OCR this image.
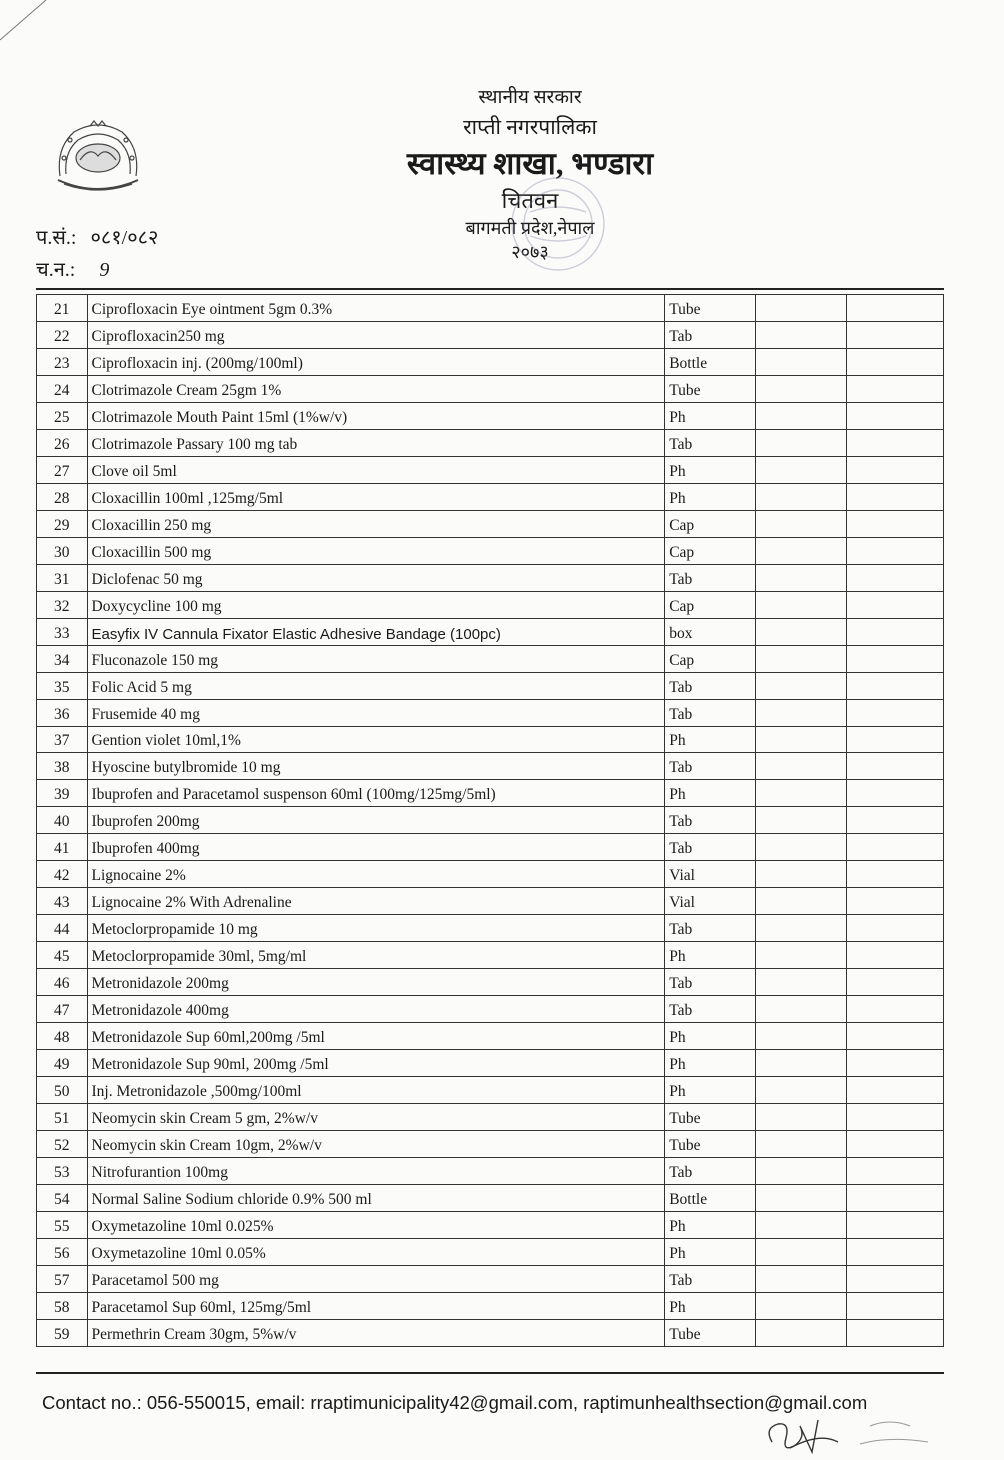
स्थानीय सरकार
राप्ती नगरपालिका
स्वास्थ्य शाखा, भण्डारा
चितवन
बागमती प्रदेश,नेपाल
२०७३
प.सं.: ०८१/०८२
च.न.:	9
21	Ciprofloxacin Eye ointment 5gm 0.3%	Tube		
22	Ciprofloxacin250 mg	Tab		
23	Ciprofloxacin inj. (200mg/100ml)	Bottle		
24	Clotrimazole Cream 25gm 1%	Tube		
25	Clotrimazole Mouth Paint 15ml (1%w/v)	Ph		
26	Clotrimazole Passary 100 mg tab	Tab		
27	Clove oil 5ml	Ph		
28	Cloxacillin 100ml ,125mg/5ml	Ph		
29	Cloxacillin 250 mg	Cap		
30	Cloxacillin 500 mg	Cap		
31	Diclofenac 50 mg	Tab		
32	Doxycycline 100 mg	Cap		
33	Easyfix IV Cannula Fixator Elastic Adhesive Bandage (100pc)	box		
34	Fluconazole 150 mg	Cap		
35	Folic Acid 5 mg	Tab		
36	Frusemide 40 mg	Tab		
37	Gention violet 10ml,1%	Ph		
38	Hyoscine butylbromide 10 mg	Tab		
39	Ibuprofen and Paracetamol suspenson 60ml (100mg/125mg/5ml)	Ph		
40	Ibuprofen 200mg	Tab		
41	Ibuprofen 400mg	Tab		
42	Lignocaine 2%	Vial		
43	Lignocaine 2% With Adrenaline	Vial		
44	Metoclorpropamide 10 mg	Tab		
45	Metoclorpropamide 30ml, 5mg/ml	Ph		
46	Metronidazole 200mg	Tab		
47	Metronidazole 400mg	Tab		
48	Metronidazole Sup 60ml,200mg /5ml	Ph		
49	Metronidazole Sup 90ml, 200mg /5ml	Ph		
50	Inj. Metronidazole ,500mg/100ml	Ph		
51	Neomycin skin Cream 5 gm, 2%w/v	Tube		
52	Neomycin skin Cream 10gm, 2%w/v	Tube		
53	Nitrofurantion 100mg	Tab		
54	Normal Saline Sodium chloride 0.9% 500 ml	Bottle		
55	Oxymetazoline 10ml 0.025%	Ph		
56	Oxymetazoline 10ml 0.05%	Ph		
57	Paracetamol 500 mg	Tab		
58	Paracetamol Sup 60ml, 125mg/5ml	Ph		
59	Permethrin Cream 30gm, 5%w/v	Tube		
Contact no.: 056-550015, email: rraptimunicipality42@gmail.com, raptimunhealthsection@gmail.com
